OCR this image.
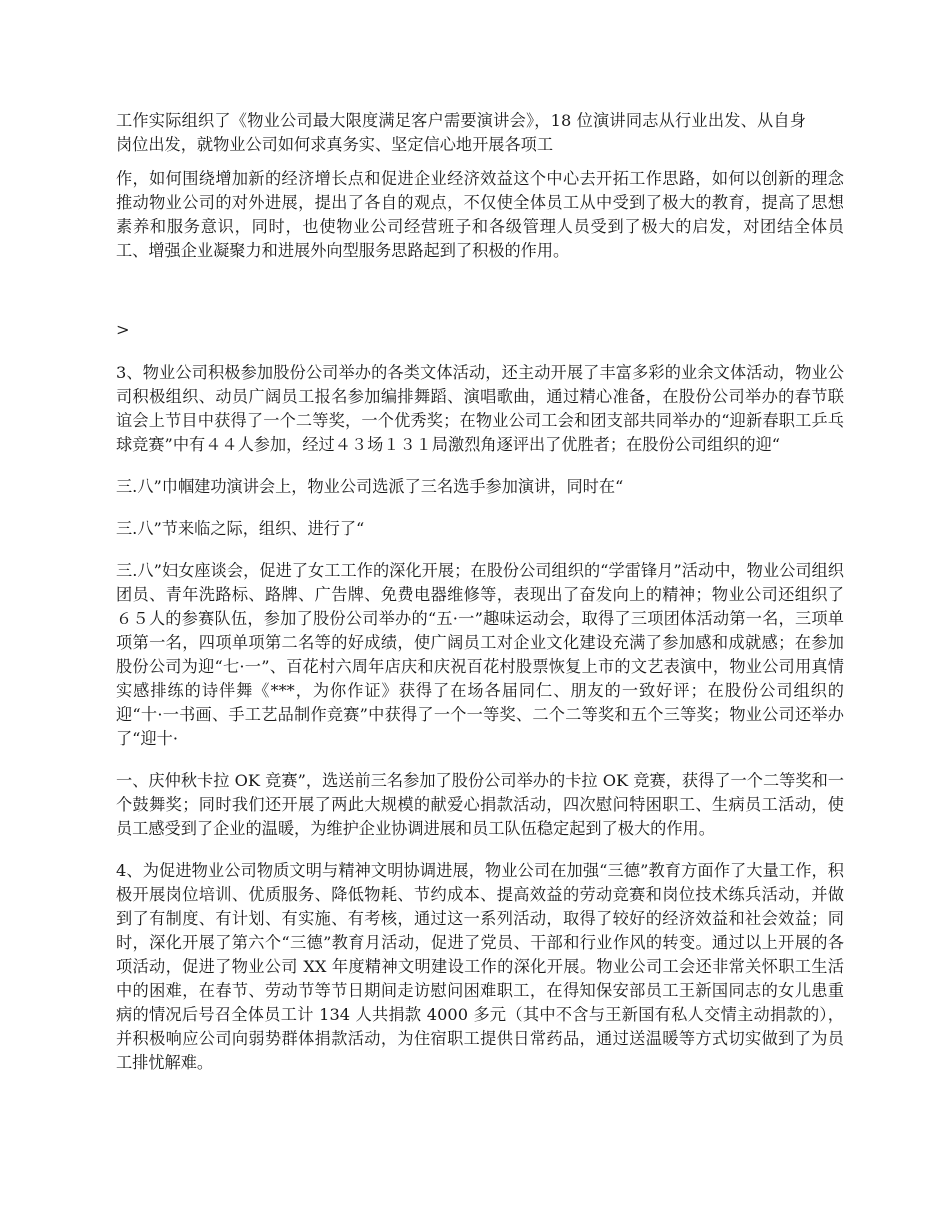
工作实际组织了《物业公司最大限度满足客户需要演讲会》，18 位演讲同志从行业出发、从自身岗位出发，就物业公司如何求真务实、坚定信心地开展各项工

作，如何围绕增加新的经济增长点和促进企业经济效益这个中心去开拓工作思路，如何以创新的理念推动物业公司的对外进展，提出了各自的观点，不仅使全体员工从中受到了极大的教育，提高了思想素养和服务意识，同时，也使物业公司经营班子和各级管理人员受到了极大的启发，对团结全体员工、增强企业凝聚力和进展外向型服务思路起到了积极的作用。

>

3、物业公司积极参加股份公司举办的各类文体活动，还主动开展了丰富多彩的业余文体活动，物业公司积极组织、动员广阔员工报名参加编排舞蹈、演唱歌曲，通过精心准备，在股份公司举办的春节联谊会上节目中获得了一个二等奖，一个优秀奖；在物业公司工会和团支部共同举办的“迎新春职工乒乓球竞赛”中有４４人参加，经过４３场１３１局激烈角逐评出了优胜者；在股份公司组织的迎“

三.八”巾帼建功演讲会上，物业公司选派了三名选手参加演讲，同时在“

三.八”节来临之际，组织、进行了“

三.八”妇女座谈会，促进了女工工作的深化开展；在股份公司组织的“学雷锋月”活动中，物业公司组织团员、青年洗路标、路牌、广告牌、免费电器维修等，表现出了奋发向上的精神；物业公司还组织了６５人的参赛队伍，参加了股份公司举办的“五·一”趣味运动会，取得了三项团体活动第一名，三项单项第一名，四项单项第二名等的好成绩，使广阔员工对企业文化建设充满了参加感和成就感；在参加股份公司为迎“七·一”、百花村六周年店庆和庆祝百花村股票恢复上市的文艺表演中，物业公司用真情实感排练的诗伴舞《***，为你作证》获得了在场各届同仁、朋友的一致好评；在股份公司组织的迎“十·一书画、手工艺品制作竞赛”中获得了一个一等奖、二个二等奖和五个三等奖；物业公司还举办了“迎十·

一、庆仲秋卡拉 OK 竞赛”，选送前三名参加了股份公司举办的卡拉 OK 竞赛，获得了一个二等奖和一个鼓舞奖；同时我们还开展了两此大规模的献爱心捐款活动，四次慰问特困职工、生病员工活动，使员工感受到了企业的温暖，为维护企业协调进展和员工队伍稳定起到了极大的作用。

4、为促进物业公司物质文明与精神文明协调进展，物业公司在加强“三德”教育方面作了大量工作，积极开展岗位培训、优质服务、降低物耗、节约成本、提高效益的劳动竞赛和岗位技术练兵活动，并做到了有制度、有计划、有实施、有考核，通过这一系列活动，取得了较好的经济效益和社会效益；同时，深化开展了第六个“三德”教育月活动，促进了党员、干部和行业作风的转变。通过以上开展的各项活动，促进了物业公司 XX 年度精神文明建设工作的深化开展。物业公司工会还非常关怀职工生活中的困难，在春节、劳动节等节日期间走访慰问困难职工，在得知保安部员工王新国同志的女儿患重病的情况后号召全体员工计 134 人共捐款 4000 多元（其中不含与王新国有私人交情主动捐款的），并积极响应公司向弱势群体捐款活动，为住宿职工提供日常药品，通过送温暖等方式切实做到了为员工排忧解难。
